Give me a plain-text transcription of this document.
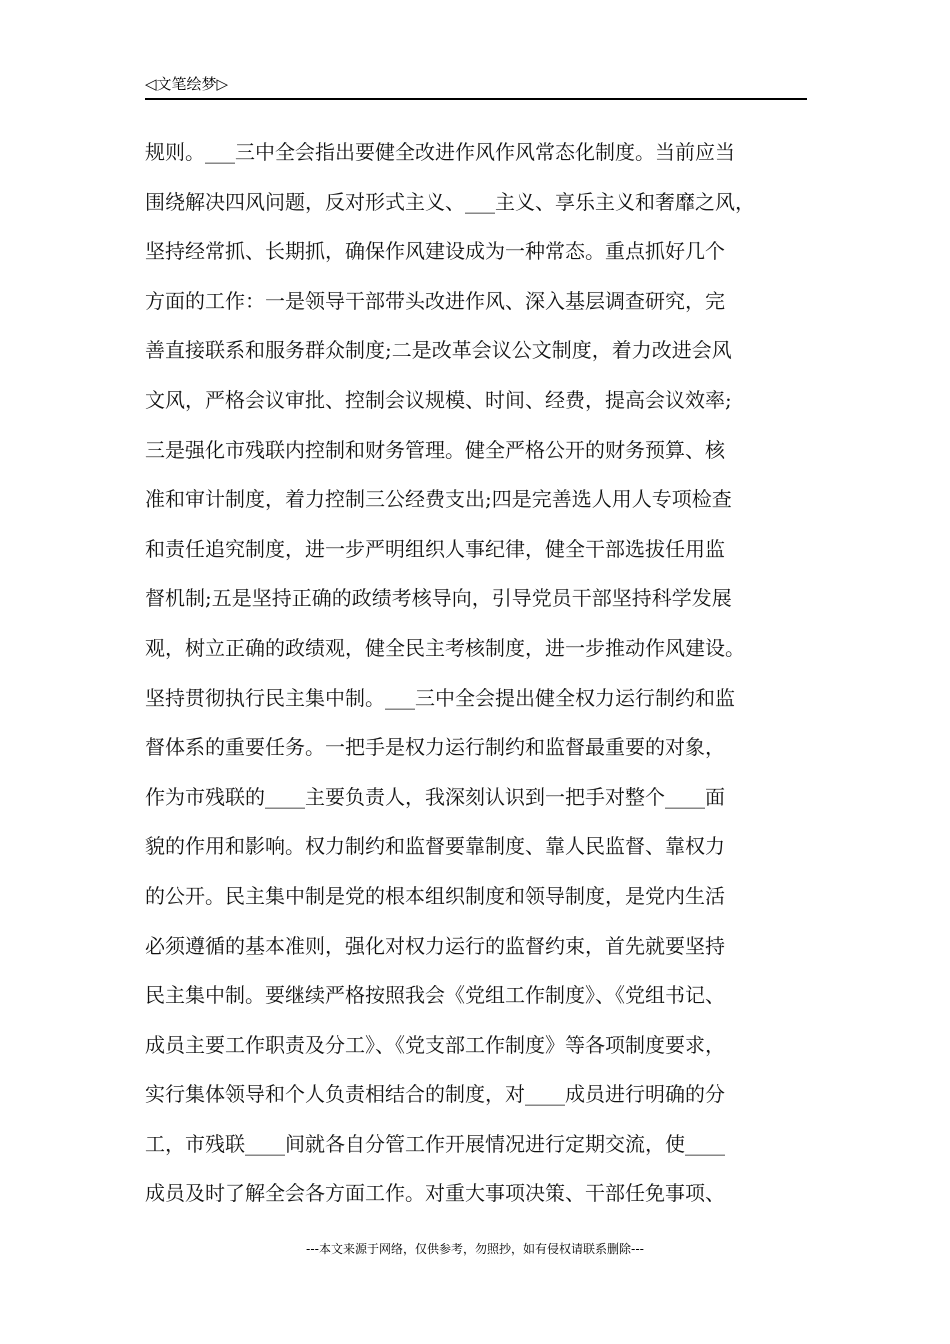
◁文笔绘梦▷
规则。___三中全会指出要健全改进作风作风常态化制度。当前应当
围绕解决四风问题，反对形式主义、___主义、享乐主义和奢靡之风，
坚持经常抓、长期抓，确保作风建设成为一种常态。重点抓好几个
方面的工作：一是领导干部带头改进作风、深入基层调查研究，完
善直接联系和服务群众制度;二是改革会议公文制度，着力改进会风
文风，严格会议审批、控制会议规模、时间、经费，提高会议效率;
三是强化市残联内控制和财务管理。健全严格公开的财务预算、核
准和审计制度，着力控制三公经费支出;四是完善选人用人专项检查
和责任追究制度，进一步严明组织人事纪律，健全干部选拔任用监
督机制;五是坚持正确的政绩考核导向，引导党员干部坚持科学发展
观，树立正确的政绩观，健全民主考核制度，进一步推动作风建设。
坚持贯彻执行民主集中制。___三中全会提出健全权力运行制约和监
督体系的重要任务。一把手是权力运行制约和监督最重要的对象，
作为市残联的____主要负责人，我深刻认识到一把手对整个____面
貌的作用和影响。权力制约和监督要靠制度、靠人民监督、靠权力
的公开。民主集中制是党的根本组织制度和领导制度，是党内生活
必须遵循的基本准则，强化对权力运行的监督约束，首先就要坚持
民主集中制。要继续严格按照我会《党组工作制度》、《党组书记、
成员主要工作职责及分工》、《党支部工作制度》等各项制度要求，
实行集体领导和个人负责相结合的制度，对____成员进行明确的分
工，市残联____间就各自分管工作开展情况进行定期交流，使____
成员及时了解全会各方面工作。对重大事项决策、干部任免事项、
---本文来源于网络，仅供参考，勿照抄，如有侵权请联系删除---
